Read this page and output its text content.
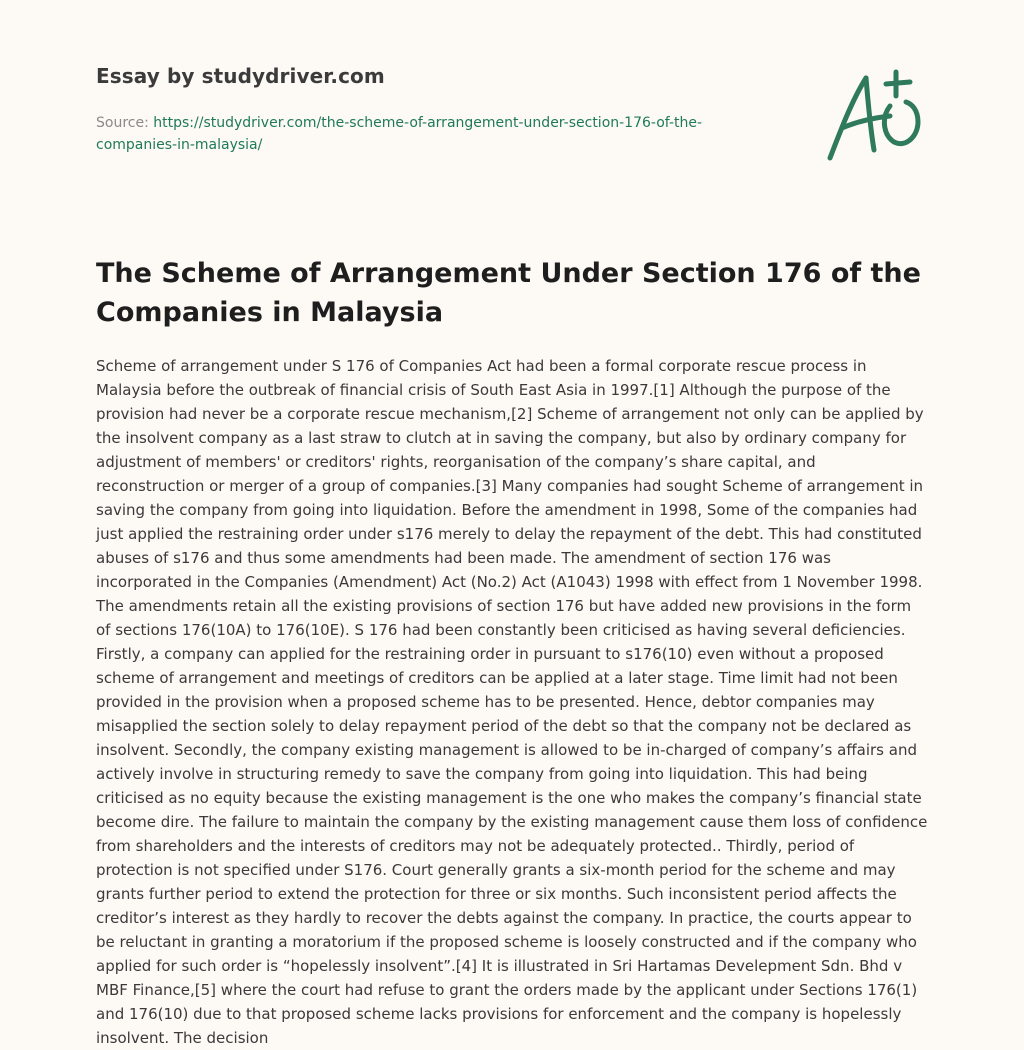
Essay by studydriver.com
Source: https://studydriver.com/the-scheme-of-arrangement-under-section-176-of-the-companies-in-malaysia/
The Scheme of Arrangement Under Section 176 of the Companies in Malaysia

Scheme of arrangement under S 176 of Companies Act had been a formal corporate rescue process in Malaysia before the outbreak of financial crisis of South East Asia in 1997.[1] Although the purpose of the provision had never be a corporate rescue mechanism,[2] Scheme of arrangement not only can be applied by the insolvent company as a last straw to clutch at in saving the company, but also by ordinary company for adjustment of members' or creditors' rights, reorganisation of the company’s share capital, and reconstruction or merger of a group of companies.[3] Many companies had sought Scheme of arrangement in saving the company from going into liquidation. Before the amendment in 1998, Some of the companies had just applied the restraining order under s176 merely to delay the repayment of the debt. This had constituted abuses of s176 and thus some amendments had been made. The amendment of section 176 was incorporated in the Companies (Amendment) Act (No.2) Act (A1043) 1998 with effect from 1 November 1998. The amendments retain all the existing provisions of section 176 but have added new provisions in the form of sections 176(10A) to 176(10E). S 176 had been constantly been criticised as having several deficiencies. Firstly, a company can applied for the restraining order in pursuant to s176(10) even without a proposed scheme of arrangement and meetings of creditors can be applied at a later stage. Time limit had not been provided in the provision when a proposed scheme has to be presented. Hence, debtor companies may misapplied the section solely to delay repayment period of the debt so that the company not be declared as insolvent. Secondly, the company existing management is allowed to be in-charged of company’s affairs and actively involve in structuring remedy to save the company from going into liquidation. This had being criticised as no equity because the existing management is the one who makes the company’s financial state become dire. The failure to maintain the company by the existing management cause them loss of confidence from shareholders and the interests of creditors may not be adequately protected.. Thirdly, period of protection is not specified under S176. Court generally grants a six-month period for the scheme and may grants further period to extend the protection for three or six months. Such inconsistent period affects the creditor’s interest as they hardly to recover the debts against the company. In practice, the courts appear to be reluctant in granting a moratorium if the proposed scheme is loosely constructed and if the company who applied for such order is “hopelessly insolvent”.[4] It is illustrated in Sri Hartamas Develepment Sdn. Bhd v MBF Finance,[5] where the court had refuse to grant the orders made by the applicant under Sections 176(1) and 176(10) due to that proposed scheme lacks provisions for enforcement and the company is hopelessly insolvent. The decision
